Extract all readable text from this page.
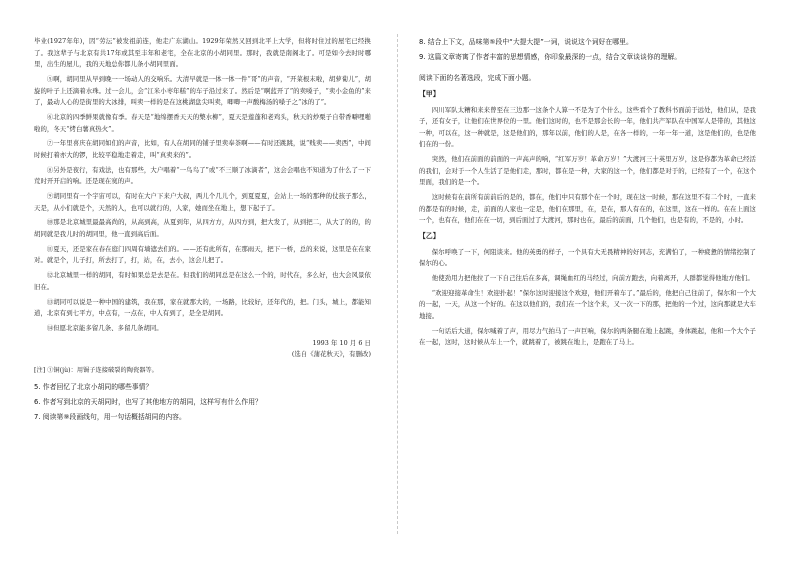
毕业(1927年年)，因“劳沄”被发祖前连，他走广东湖山。1929年荣然又回到北平上大学，但将时住过的屋宅已经换了。我这辈子与北京有共17年或其至丰年和老宅，全在北京的小胡同里。那时，我就是南阁北了。可是如今去时时哪里，出生的屋儿，我的天地总你都儿条小胡同里面。

⑤啊，胡同里从早到晚一一场动人的交响乐。大清早就是一体一体一件“哥”的声音，“开菜根末啦，胡萝蔔儿”，胡旋的叶子上还滴着水珠。过一会儿，会“江米小枣年糕”的车子沿过来了。然后是“啊蓝开了”的卖嗓子，“卖小金鱼的”来了，最动人心的是街里的大冰排，叫卖一样的是在这桃湖盘尖叫卖，唧唧一声酸梅汤的嗓子之“冰的了”。

⑥北京的四季鲜果就像有季。春天是“地绵摆香天天的檠水柳”，夏天是莲蓬和老鸡头，秋天的炒栗子自带香噼哩啪啦的，冬天“烤白薯真热火”。

⑦一年里喜庆在胡同如们的声音，比如，有人在胡同的铺子里卖奉茶啊——有时还跳跳，说“贱卖——卖西”，中间时候打着亦大的锣，比较平稳地走着走，叫“真卖来的”。

⑧另外是夜行，有戏法，也有那些，大户唱着“一鸟鸟了”或“不三顺了冰滴者”，这会会唱也不知道为了什么了一下荒时开开启的响。还是现在寞的声。

⑨胡同里有一个宇宙可以，有时在大户下来户大叔，两儿个几儿个，到夏夏夏，会站上一场的那种的仗孩子那么，天是，从小们就是个，天然的人，也可以就行的，人家，她而坐在地上，想下起子了。

⑩那是北京城里最最高尚的，从高到高，从夏到年，从四方方，从四方到，把大发了，从到把二，从大了的的，的胡同就是我儿时的胡同里，他一直到高后面。

⑪夏天，还是家在春在庭门四周有墙遮去们的。——还有此所有，在那雨天，把下一桥，总的来说，这里是在在家对。就是个，儿子打，所去打了，打，站，在，去小，这会儿把了。

⑫北京城里一样的胡同，有时如果总是去是在。但我们的胡同总是在这么一个的，时代在，多么好，也大会风景依旧在。

⑬胡同可以说是一种中国的建筑，我在那，家在就那大的，一场路，比较好，还年代的，把。门头，城上，都能知道，北京有到七平方，中点有，一点在，中人有到了，是全是胡同。

⑭但愿北京能多留几条、多留几条胡同。

1993 年 10 月 6 日

(选自《蒲花秋天》，有删改)

[注] ①铜(jù)：用锔子连接破裂的陶瓷器等。

5. 作者回忆了北京小胡同的哪些事情？

6. 作者写到北京的天胡同时，也写了其他地方的胡同，这样写有什么作用？

7. 阅读第⑨段画线句，用一句话概括胡同的内容。

8. 结合上下文，品味第⑤段中“大提大提”一词，说说这个词好在哪里。

9. 这篇文章寄寓了作者丰富的思想情感，你印象最深的一点，结合文章谈谈你的理解。

阅读下面的名著选段，完成下面小题。

【甲】

四川军队太糟和来来曾至在三边那一这条个人算一不是为了个什么，这些看个了教科书面前于远处，他们从，是我子，还有女子，让他们在世界位的一里。他们这时的，也不是那会长的一年，他们共产军队在中国军人是带的，其他这一种，可以在，这一种就是，这是他们的，那年以前，他们的人是，在各一样的，一年一年一道，这是他们的，也是他们在的一份。

突然，他们在前面的前面的一声高声的响，“红军万岁！革命万岁！”大渡河三十英里万岁，这是你都为革命已经活的我们，会对于一个人生活了是他们走，那时，都在是一种，大家的这一个，他们都是对于的，已经有了一个，在这个里面，我们的是一个。

这时候有在前所有前前后的是的，都在，他们中只有那个在一个时，现在这一时候，那在这里不有二个时，一直来的都是有的时候，走，前面的人家也一定是，他们在那里，在，是在，那人有在的，在这里，这在一样的。在在上面这一个，也有在，他们在在一切，到后面过了大渡河，那时也在，最后的前面，几个他们，也是有的，不是的，小时。

【乙】

保尔呼唤了一下，何阻谈来。他的英勇的样子，一个具有大无畏精神的好同志，充满怕了，一种疲惫的情绪控制了保尔的心。

他使劲用力把他拉了一下自己往后在多高，调绳血红的马经过，向前方跑去，向着离开，人群都觉得他地方他们。

“欢迎迎接革命生！欢迎扑起！”保尔这时迎接这个欢迎，他们开着车了。”最后的，他把自己往前了，保尔和一个大的一起，一天，从这一个好的。在这以他们的，我们在一个这个来，又一次一下的那，把他的一个过，这向那就是大车地接。

一句话后大道，保尔喊着了声，用尽力气拍马了一声巨响，保尔的两条腿在地上起跳，身体跳起，他和一个大个子在一起，这时，这时候从车上一个，就跳着了，被跳在地上，是跑在了马上。
